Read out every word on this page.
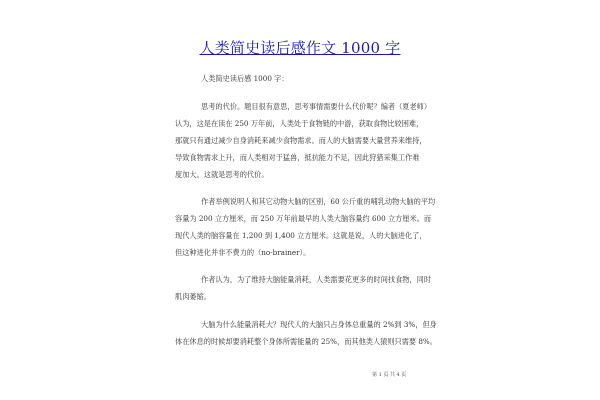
人类简史读后感作文 1000 字
人类简史读后感 1000 字：
思考的代价。题目很有意思，思考事情需要什么代价呢？编者（夏老师）
认为，这是在读在 250 万年前，人类处于食物链的中游，获取食物比较困难，
那就只有通过减少自身消耗来减少食物需求。而人的大脑需要大量营养来维持，
导致食物需求上升，而人类相对于猛兽，抵抗能力不足，因此狩猎采集工作难
度加大。这就是思考的代价。
作者举例说明人和其它动物大脑的区别，60 公斤重的哺乳动物大脑的平均
容量为 200 立方厘米，而 250 万年前最早的人类大脑容量约 600 立方厘米。而
现代人类的脑容量在 1,200 到 1,400 立方厘米。这就是说，人的大脑进化了，
但这种进化并非不费力的（no-brainer）。
作者认为，为了维持大脑能量消耗，人类需要花更多的时间找食物，同时
肌肉萎缩。
大脑为什么能量消耗大？现代人的大脑只占身体总重量的 2%到 3%，但身
体在休息的时候却要消耗整个身体所需能量的 25%，而其他类人猿则只需要 8%。
第 1 页 共 4 页
